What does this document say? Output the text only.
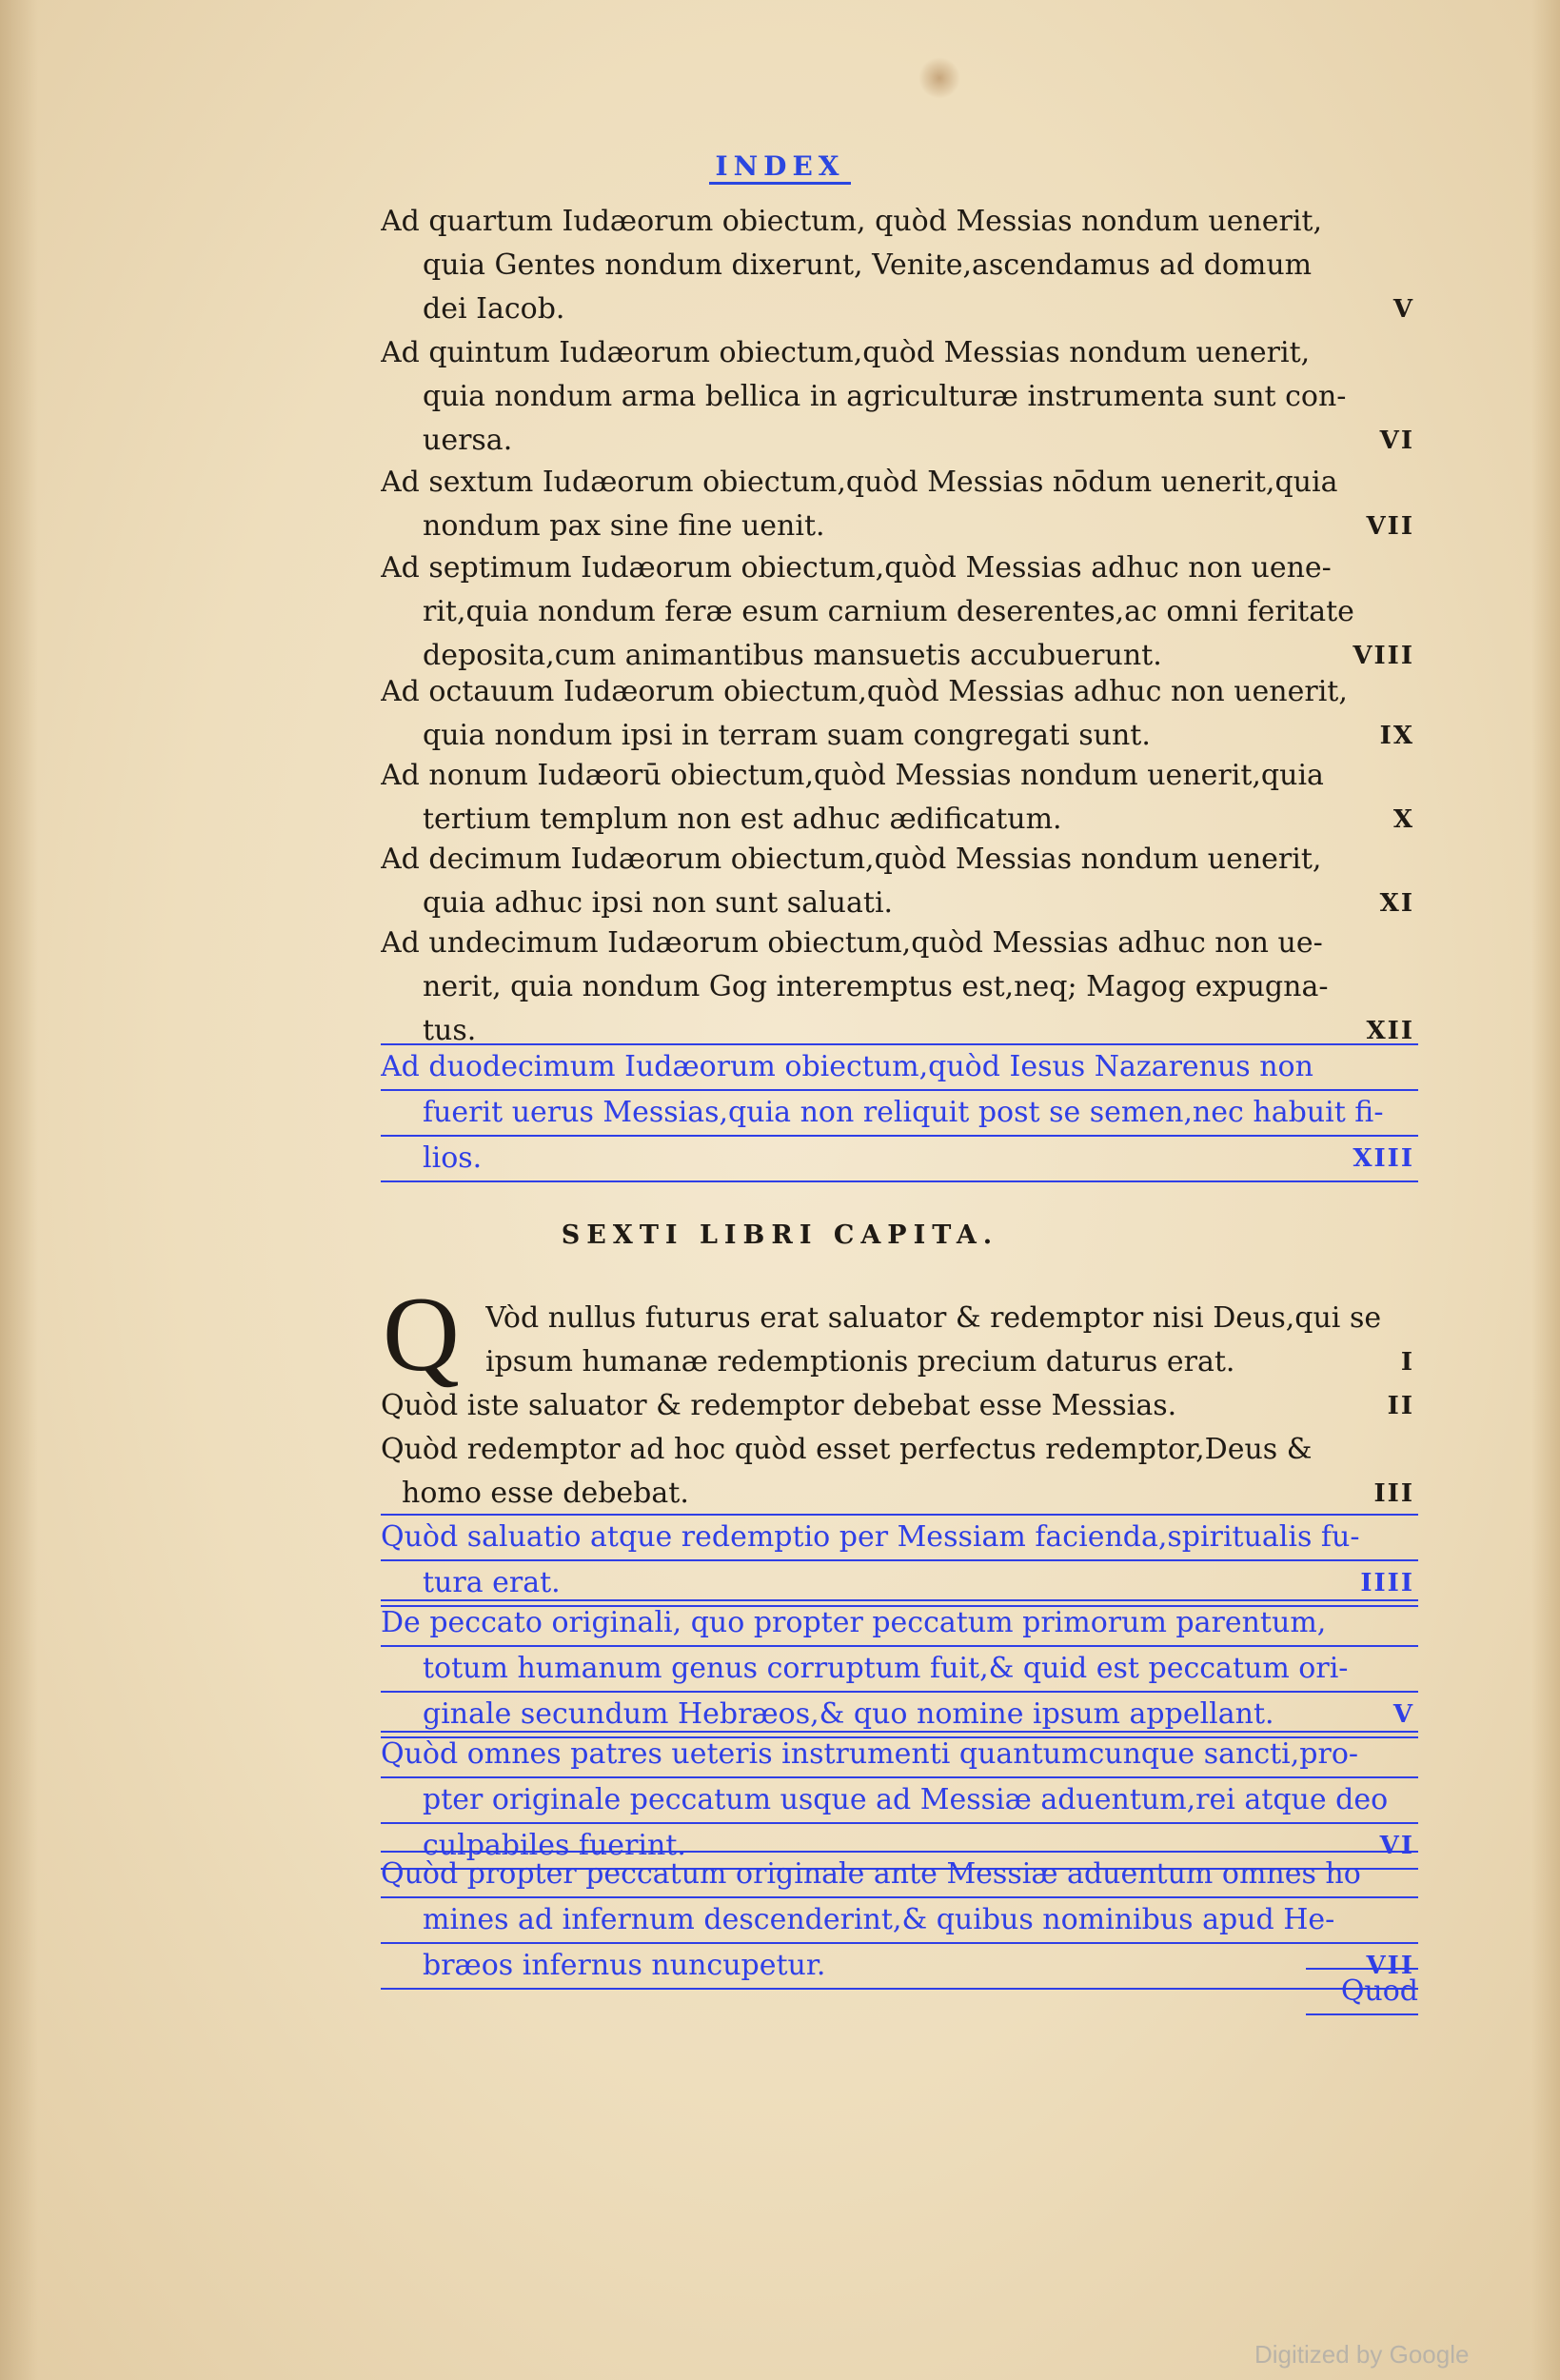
INDEX
Ad quartum Iudæorum obiectum, quòd Messias nondum uenerit,
quia Gentes nondum dixerunt, Venite,ascendamus ad domum
dei Iacob.	V
Ad quintum Iudæorum obiectum,quòd Messias nondum uenerit,
quia nondum arma bellica in agriculturæ instrumenta sunt con-
uersa.	VI
Ad sextum Iudæorum obiectum,quòd Messias nōdum uenerit,quia
nondum pax sine fine uenit.	VII
Ad septimum Iudæorum obiectum,quòd Messias adhuc non uene-
rit,quia nondum feræ esum carnium deserentes,ac omni feritate
deposita,cum animantibus mansuetis accubuerunt.	VIII
Ad octauum Iudæorum obiectum,quòd Messias adhuc non uenerit,
quia nondum ipsi in terram suam congregati sunt.	IX
Ad nonum Iudæorū obiectum,quòd Messias nondum uenerit,quia
tertium templum non est adhuc ædificatum.	X
Ad decimum Iudæorum obiectum,quòd Messias nondum uenerit,
quia adhuc ipsi non sunt saluati.	XI
Ad undecimum Iudæorum obiectum,quòd Messias adhuc non ue-
nerit, quia nondum Gog interemptus est,neq; Magog expugna-
tus.	XII
Ad duodecimum Iudæorum obiectum,quòd Iesus Nazarenus non
fuerit uerus Messias,quia non reliquit post se semen,nec habuit fi-
lios.	XIII
SEXTI LIBRI CAPITA.
Q Vòd nullus futurus erat saluator & redemptor nisi Deus,qui se
ipsum humanæ redemptionis precium daturus erat.	I
Quòd iste saluator & redemptor debebat esse Messias.	II
Quòd redemptor ad hoc quòd esset perfectus redemptor,Deus &
homo esse debebat.	III
Quòd saluatio atque redemptio per Messiam facienda,spiritualis fu-
tura erat.	IIII
De peccato originali, quo propter peccatum primorum parentum,
totum humanum genus corruptum fuit,& quid est peccatum ori-
ginale secundum Hebræos,& quo nomine ipsum appellant.	V
Quòd omnes patres ueteris instrumenti quantumcunque sancti,pro-
pter originale peccatum usque ad Messiæ aduentum,rei atque deo
culpabiles fuerint.	VI
Quòd propter peccatum originale ante Messiæ aduentum omnes ho
mines ad infernum descenderint,& quibus nominibus apud He-
bræos infernus nuncupetur.	VII
Quod
Digitized by Google
